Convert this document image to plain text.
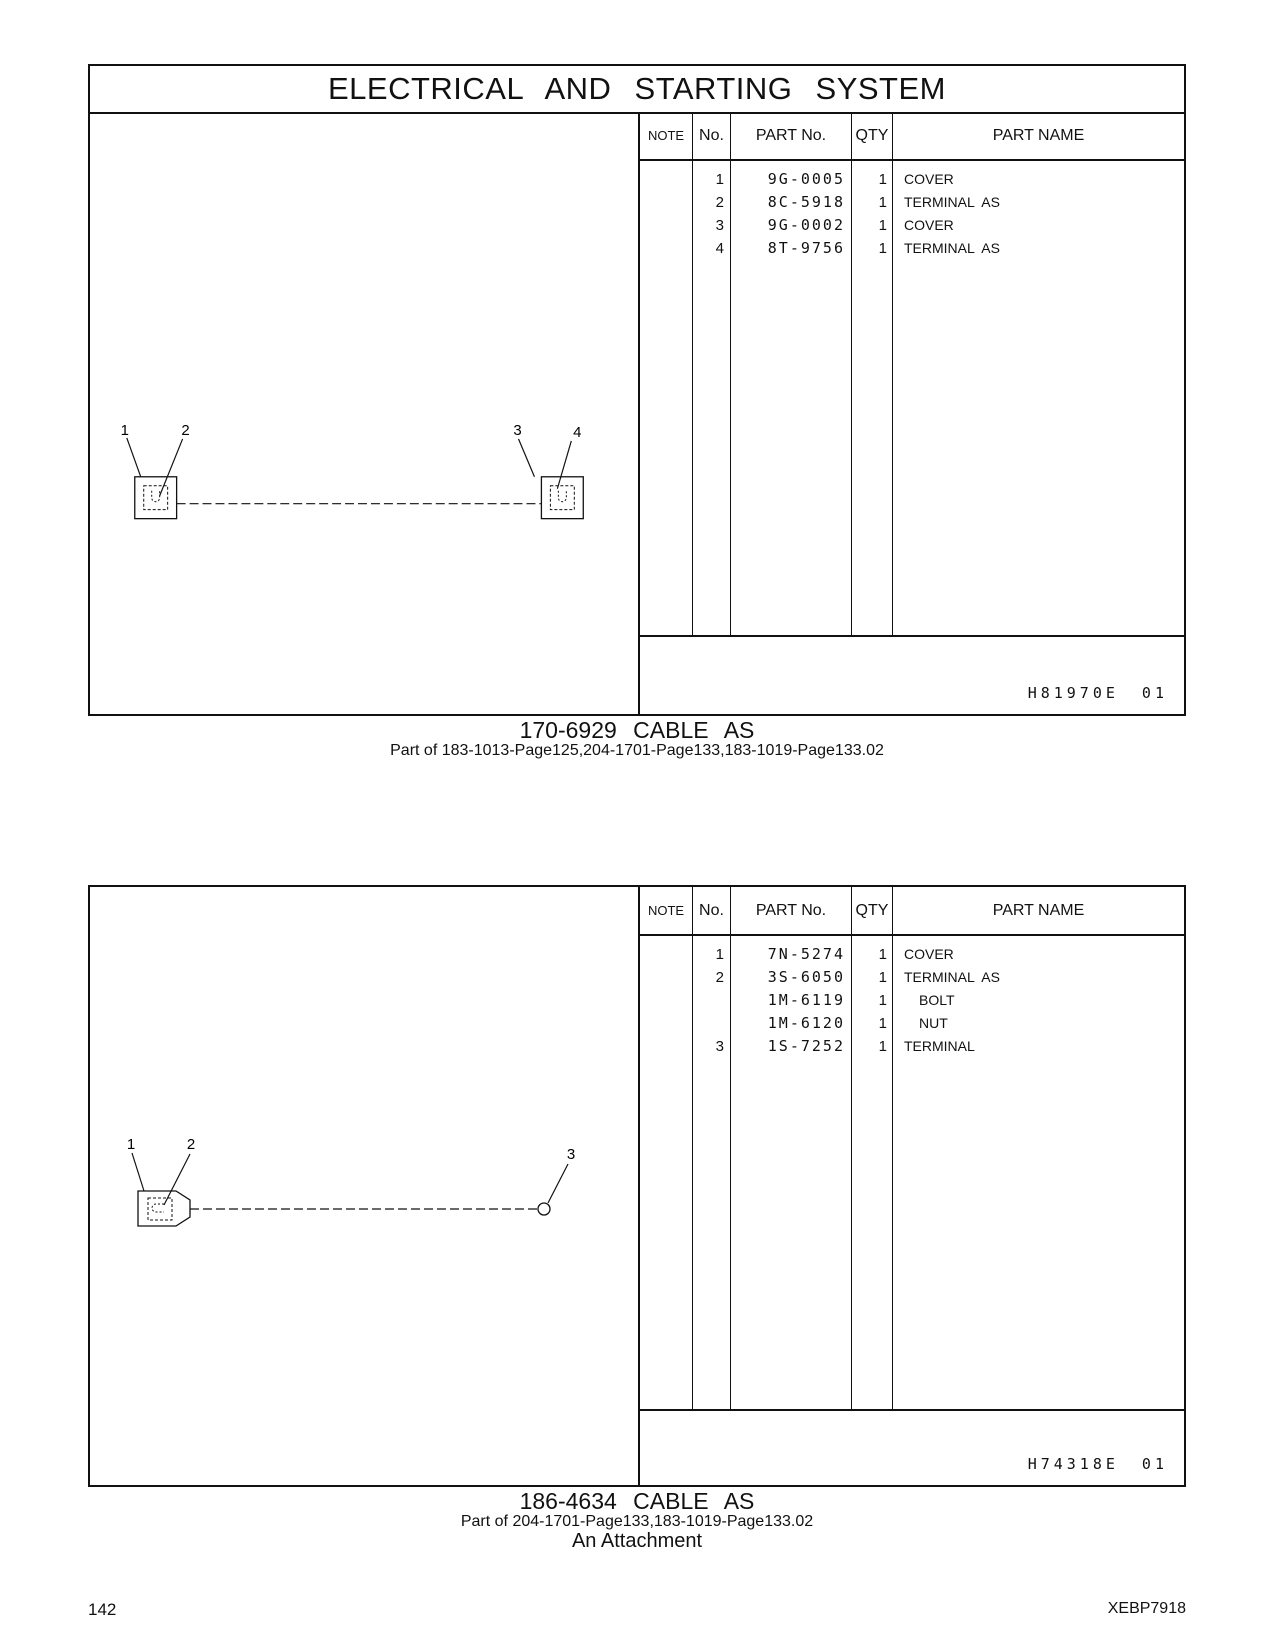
ELECTRICAL AND STARTING SYSTEM
1	2	3	4
NOTE No.	PART No.	QTY	PART NAME
1	9G-0005	1 COVER
2	8C-5918	1 TERMINAL  AS
3	9G-0002	1 COVER
4	8T-9756	1 TERMINAL  AS
H81970E 01
170-6929 CABLE AS
Part of 183-1013-Page125,204-1701-Page133,183-1019-Page133.02
1	2
3
NOTE No.	PART No.	QTY	PART NAME
1	7N-5274	1 COVER
2	3S-6050	1 TERMINAL  AS
1M-6119	1 BOLT
1M-6120	1 NUT
3	1S-7252	1 TERMINAL
H74318E 01
186-4634 CABLE AS
Part of 204-1701-Page133,183-1019-Page133.02
An Attachment
142	XEBP7918
